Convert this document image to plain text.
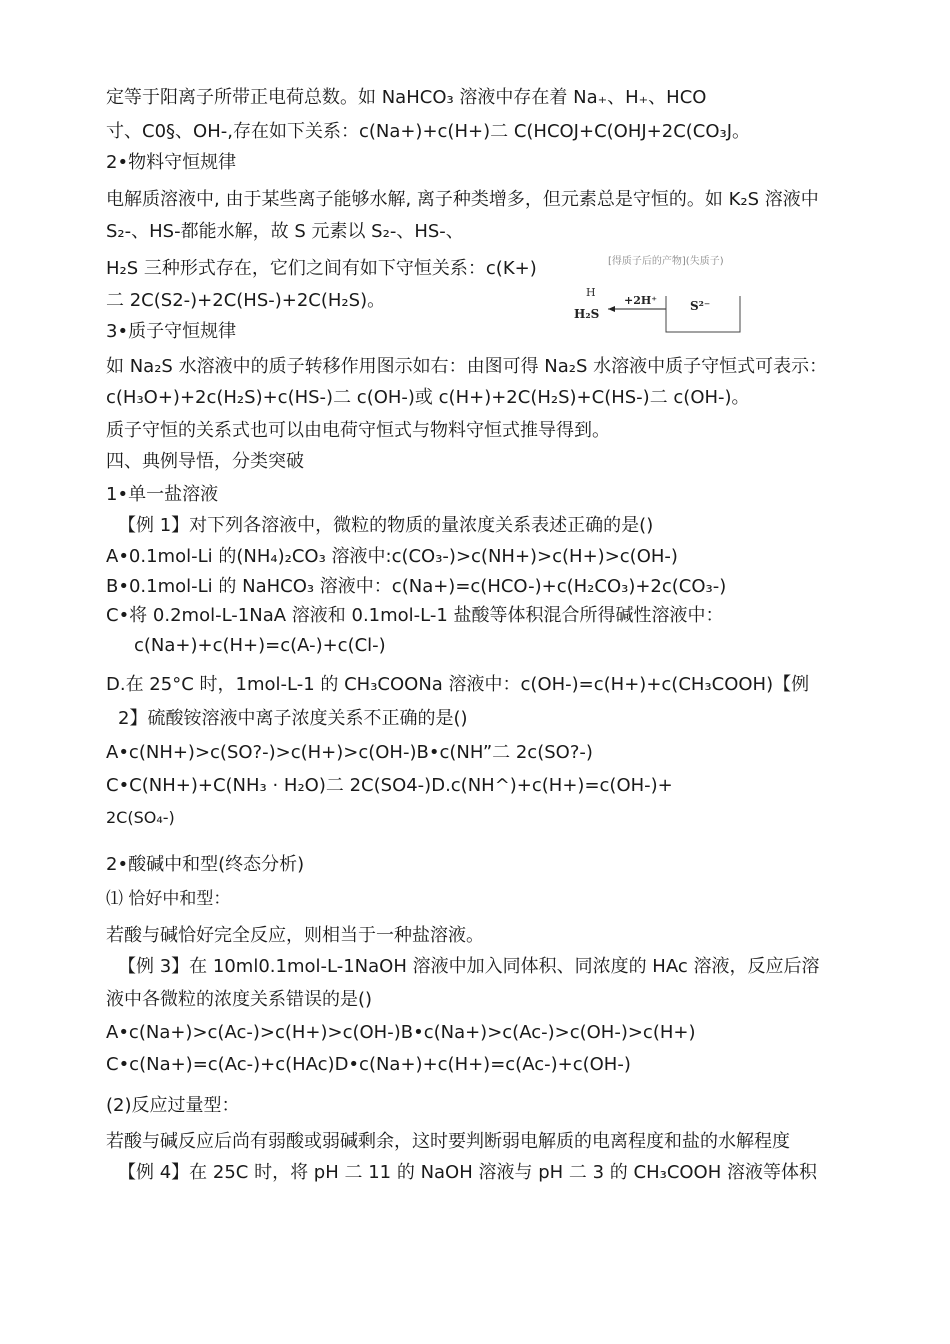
定等于阳离子所带正电荷总数。如 NaHCO₃ 溶液中存在着 Na₊、H₊、HCO
寸、C0§、OH-,存在如下关系：c(Na+)+c(H+)二 C(HCOJ+C(OHJ+2C(CO₃J。
2•物料守恒规律
电解质溶液中, 由于某些离子能够水解, 离子种类增多，但元素总是守恒的。如 K₂S 溶液中
S₂-、HS-都能水解，故 S 元素以 S₂-、HS-、
H₂S 三种形式存在，它们之间有如下守恒关系：c(K+)
二 2C(S2-)+2C(HS-)+2C(H₂S)。
3•质子守恒规律
如 Na₂S 水溶液中的质子转移作用图示如右：由图可得 Na₂S 水溶液中质子守恒式可表示：
c(H₃O+)+2c(H₂S)+c(HS-)二 c(OH-)或 c(H+)+2C(H₂S)+C(HS-)二 c(OH-)。
质子守恒的关系式也可以由电荷守恒式与物料守恒式推导得到。
四、典例导悟，分类突破
1•单一盐溶液
【例 1】对下列各溶液中，微粒的物质的量浓度关系表述正确的是()
A•0.1mol-Li 的(NH₄)₂CO₃ 溶液中:c(CO₃-)>c(NH+)>c(H+)>c(OH-)
B•0.1mol-Li 的 NaHCO₃ 溶液中：c(Na+)=c(HCO-)+c(H₂CO₃)+2c(CO₃-)
C•将 0.2mol-L-1NaA 溶液和 0.1mol-L-1 盐酸等体积混合所得碱性溶液中：
c(Na+)+c(H+)=c(A-)+c(Cl-)
D.在 25°C 时，1mol-L-1 的 CH₃COONa 溶液中：c(OH-)=c(H+)+c(CH₃COOH)【例
2】硫酸铵溶液中离子浓度关系不正确的是()
A•c(NH+)>c(SO?-)>c(H+)>c(OH-)B•c(NH”二 2c(SO?-)
C•C(NH+)+C(NH₃ · H₂O)二 2C(SO4-)D.c(NH^)+c(H+)=c(OH-)+
2C(SO₄-)
2•酸碱中和型(终态分析)
⑴ 恰好中和型：
若酸与碱恰好完全反应，则相当于一种盐溶液。
【例 3】在 10ml0.1mol-L-1NaOH 溶液中加入同体积、同浓度的 HAc 溶液，反应后溶
液中各微粒的浓度关系错误的是()
A•c(Na+)>c(Ac-)>c(H+)>c(OH-)B•c(Na+)>c(Ac-)>c(OH-)>c(H+)
C•c(Na+)=c(Ac-)+c(HAc)D•c(Na+)+c(H+)=c(Ac-)+c(OH-)
(2)反应过量型：
若酸与碱反应后尚有弱酸或弱碱剩余，这时要判断弱电解质的电离程度和盐的水解程度
【例 4】在 25C 时，将 pH 二 11 的 NaOH 溶液与 pH 二 3 的 CH₃COOH 溶液等体积
[得质子后的产物](失质子)
H
H₂S
+2H⁺	S²⁻
